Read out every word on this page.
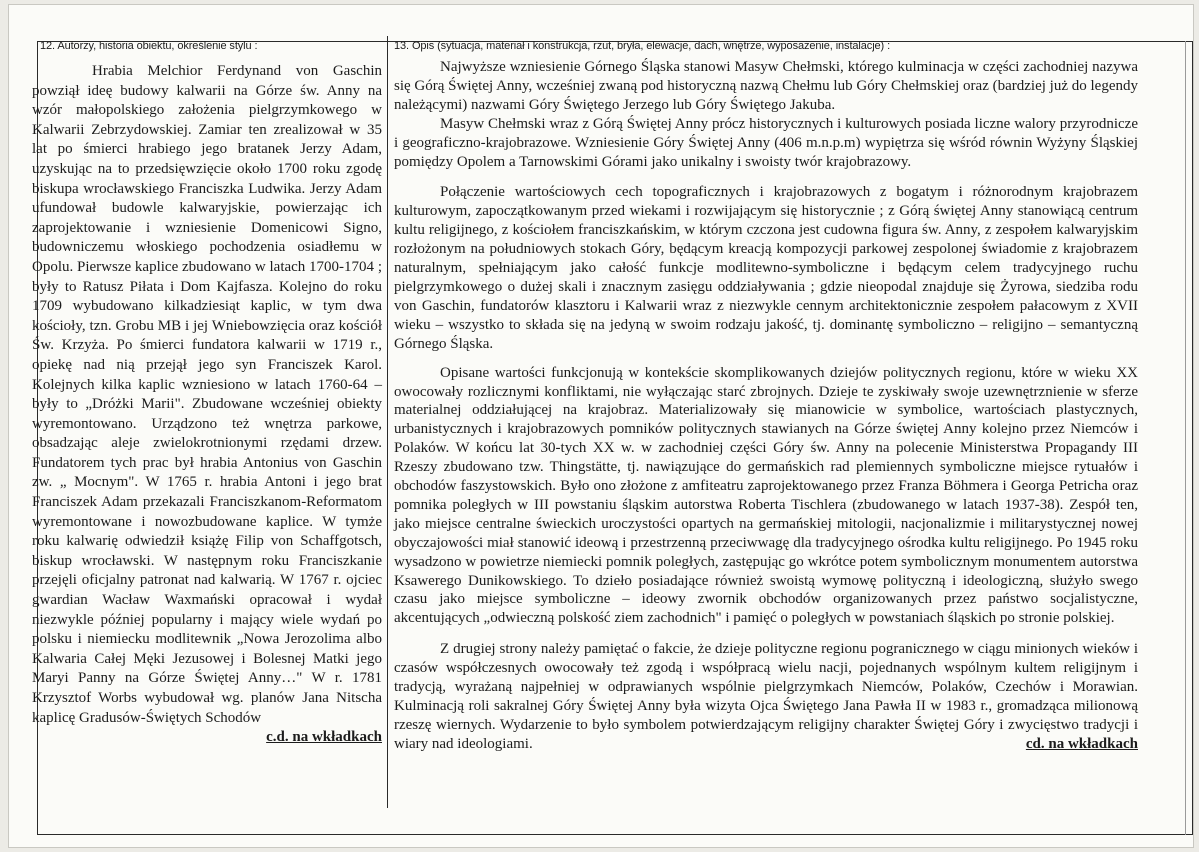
12. Autorzy, historia obiektu, określenie stylu :	13. Opis (sytuacja, materiał i konstrukcja, rzut, bryła, elewacje, dach, wnętrze, wyposażenie, instalacje) :

Hrabia Melchior Ferdynand von Gaschin powziął ideę budowy kalwarii na Górze św. Anny na wzór małopolskiego założenia pielgrzymkowego w Kalwarii Zebrzydowskiej. Zamiar ten zrealizował w 35 lat po śmierci hrabiego jego bratanek Jerzy Adam, uzyskując na to przedsięwzięcie około 1700 roku zgodę biskupa wrocławskiego Franciszka Ludwika. Jerzy Adam ufundował budowle kalwaryjskie, powierzając ich zaprojektowanie i wzniesienie Domenicowi Signo, budowniczemu włoskiego pochodzenia osiadłemu w Opolu. Pierwsze kaplice zbudowano w latach 1700-1704 ; były to Ratusz Piłata i Dom Kajfasza. Kolejno do roku 1709 wybudowano kilkadziesiąt kaplic, w tym dwa kościoły, tzn. Grobu MB i jej Wniebowzięcia oraz kościół Św. Krzyża. Po śmierci fundatora kalwarii w 1719 r., opiekę nad nią przejął jego syn Franciszek Karol. Kolejnych kilka kaplic wzniesiono w latach 1760-64 – były to „Dróżki Marii". Zbudowane wcześniej obiekty wyremontowano. Urządzono też wnętrza parkowe, obsadzając aleje zwielokrotnionymi rzędami drzew. Fundatorem tych prac był hrabia Antonius von Gaschin zw. „ Mocnym". W 1765 r. hrabia Antoni i jego brat Franciszek Adam przekazali Franciszkanom-Reformatom wyremontowane i nowozbudowane kaplice. W tymże roku kalwarię odwiedził książę Filip von Schaffgotsch, biskup wrocławski. W następnym roku Franciszkanie przejęli oficjalny patronat nad kalwarią. W 1767 r. ojciec gwardian Wacław Waxmański opracował i wydał niezwykle później popularny i mający wiele wydań po polsku i niemiecku modlitewnik „Nowa Jerozolima albo Kalwaria Całej Męki Jezusowej i Bolesnej Matki jego Maryi Panny na Górze Świętej Anny…" W r. 1781 Krzysztof Worbs wybudował wg. planów Jana Nitscha kaplicę Gradusów-Świętych Schodów
c.d. na wkładkach

Najwyższe wzniesienie Górnego Śląska stanowi Masyw Chełmski, którego kulminacja w części zachodniej nazywa się Górą Świętej Anny, wcześniej zwaną pod historyczną nazwą Chełmu lub Góry Chełmskiej oraz (bardziej już do legendy należącymi) nazwami Góry Świętego Jerzego lub Góry Świętego Jakuba.

Masyw Chełmski wraz z Górą Świętej Anny prócz historycznych i kulturowych posiada liczne walory przyrodnicze i geograficzno-krajobrazowe. Wzniesienie Góry Świętej Anny (406 m.n.p.m) wypiętrza się wśród równin Wyżyny Śląskiej pomiędzy Opolem a Tarnowskimi Górami jako unikalny i swoisty twór krajobrazowy.

Połączenie wartościowych cech topograficznych i krajobrazowych z bogatym i różnorodnym krajobrazem kulturowym, zapoczątkowanym przed wiekami i rozwijającym się historycznie ; z Górą świętej Anny stanowiącą centrum kultu religijnego, z kościołem franciszkańskim, w którym czczona jest cudowna figura św. Anny, z zespołem kalwaryjskim rozłożonym na południowych stokach Góry, będącym kreacją kompozycji parkowej zespolonej świadomie z krajobrazem naturalnym, spełniającym jako całość funkcje modlitewno-symboliczne i będącym celem tradycyjnego ruchu pielgrzymkowego o dużej skali i znacznym zasięgu oddziaływania ; gdzie nieopodal znajduje się Żyrowa, siedziba rodu von Gaschin, fundatorów klasztoru i Kalwarii wraz z niezwykle cennym architektonicznie zespołem pałacowym z XVII wieku – wszystko to składa się na jedyną w swoim rodzaju jakość, tj. dominantę symboliczno – religijno – semantyczną Górnego Śląska.

Opisane wartości funkcjonują w kontekście skomplikowanych dziejów politycznych regionu, które w wieku XX owocowały rozlicznymi konfliktami, nie wyłączając starć zbrojnych. Dzieje te zyskiwały swoje uzewnętrznienie w sferze materialnej oddziałującej na krajobraz. Materializowały się mianowicie w symbolice, wartościach plastycznych, urbanistycznych i krajobrazowych pomników politycznych stawianych na Górze świętej Anny kolejno przez Niemców i Polaków. W końcu lat 30-tych XX w. w zachodniej części Góry św. Anny na polecenie Ministerstwa Propagandy III Rzeszy zbudowano tzw. Thingstätte, tj. nawiązujące do germańskich rad plemiennych symboliczne miejsce rytuałów i obchodów faszystowskich. Było ono złożone z amfiteatru zaprojektowanego przez Franza Böhmera i Georga Petricha oraz pomnika poległych w III powstaniu śląskim autorstwa Roberta Tischlera (zbudowanego w latach 1937-38). Zespół ten, jako miejsce centralne świeckich uroczystości opartych na germańskiej mitologii, nacjonalizmie i militarystycznej nowej obyczajowości miał stanowić ideową i przestrzenną przeciwwagę dla tradycyjnego ośrodka kultu religijnego. Po 1945 roku wysadzono w powietrze niemiecki pomnik poległych, zastępując go wkrótce potem symbolicznym monumentem autorstwa Ksawerego Dunikowskiego. To dzieło posiadające również swoistą wymowę polityczną i ideologiczną, służyło swego czasu jako miejsce symboliczne – ideowy zwornik obchodów organizowanych przez państwo socjalistyczne, akcentujących „odwieczną polskość ziem zachodnich" i pamięć o poległych w powstaniach śląskich po stronie polskiej.

Z drugiej strony należy pamiętać o fakcie, że dzieje polityczne regionu pogranicznego w ciągu minionych wieków i czasów współczesnych owocowały też zgodą i współpracą wielu nacji, pojednanych wspólnym kultem religijnym i tradycją, wyrażaną najpełniej w odprawianych wspólnie pielgrzymkach Niemców, Polaków, Czechów i Morawian. Kulminacją roli sakralnej Góry Świętej Anny była wizyta Ojca Świętego Jana Pawła II w 1983 r., gromadząca milionową rzeszę wiernych. Wydarzenie to było symbolem potwierdzającym religijny charakter Świętej Góry i zwycięstwo tradycji i wiary nad ideologiami.	cd. na wkładkach
